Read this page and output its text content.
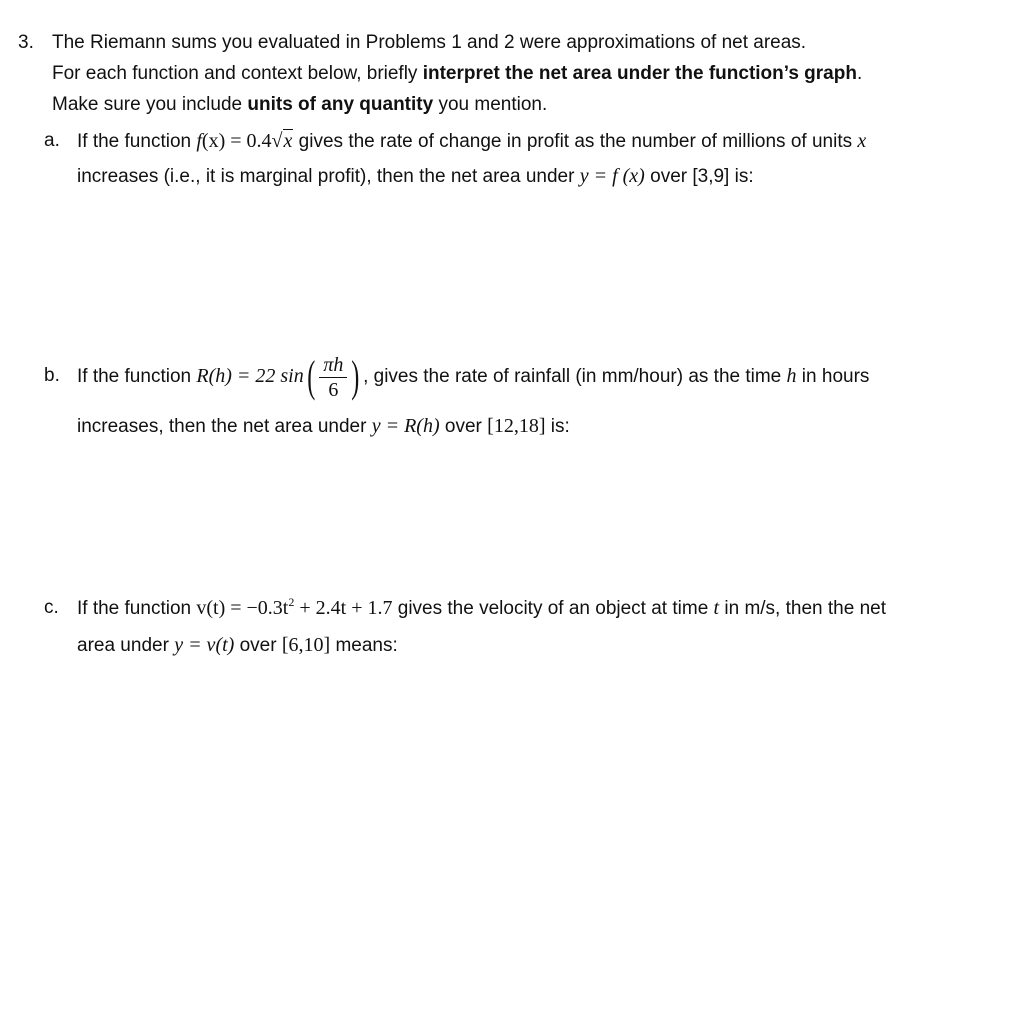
3. The Riemann sums you evaluated in Problems 1 and 2 were approximations of net areas.
For each function and context below, briefly interpret the net area under the function’s graph.
Make sure you include units of any quantity you mention.
a. If the function f(x) = 0.4√x gives the rate of change in profit as the number of millions of units x
increases (i.e., it is marginal profit), then the net area under y = f (x) over [3,9] is:
b. If the function R(h) = 22 $\sin( \frac{\pi h}{6}$ ) , gives the rate of rainfall (in mm/hour) as the time h in hours
increases, then the net area under y = R(h) over [12,18] is:
c. If the function $v(t) = -0.3t^2 + 2.4t + 1.7$ gives the velocity of an object at time t in m/s, then the net
area under y = v(t) over [6,10] means:
